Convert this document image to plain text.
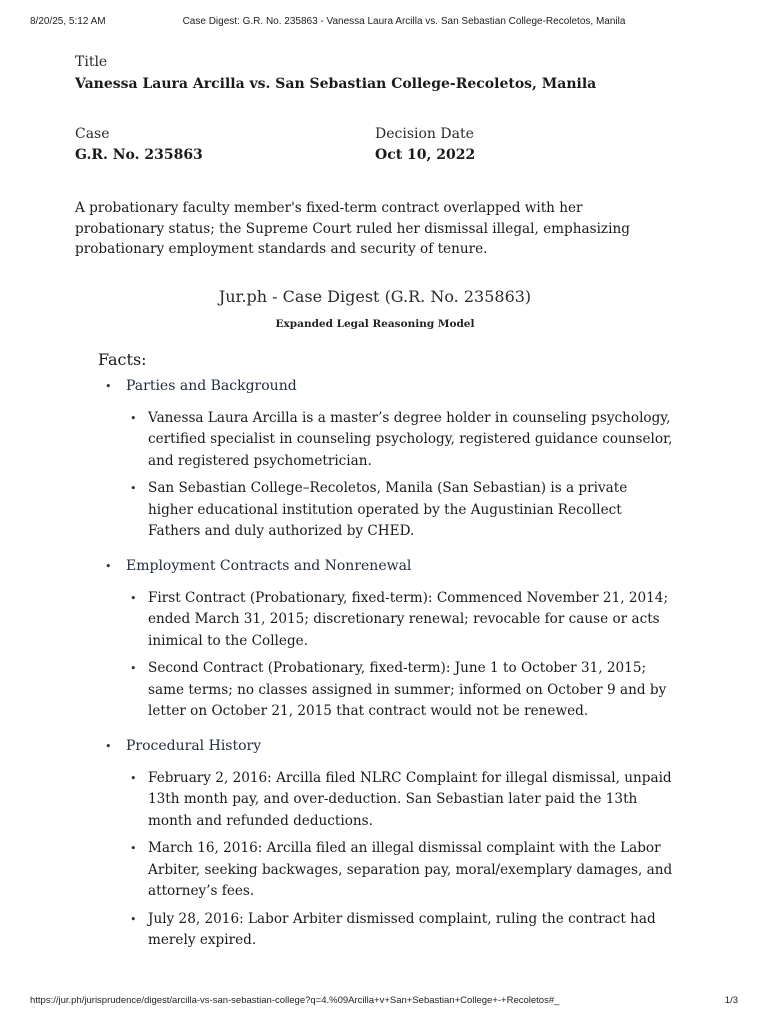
8/20/25, 5:12 AM	Case Digest: G.R. No. 235863 - Vanessa Laura Arcilla vs. San Sebastian College-Recoletos, Manila
Title
Vanessa Laura Arcilla vs. San Sebastian College-Recoletos, Manila
Case
G.R. No. 235863
Decision Date
Oct 10, 2022
A probationary faculty member's fixed-term contract overlapped with her probationary status; the Supreme Court ruled her dismissal illegal, emphasizing probationary employment standards and security of tenure.
Jur.ph - Case Digest (G.R. No. 235863)
Expanded Legal Reasoning Model
Facts:
• Parties and Background
• Vanessa Laura Arcilla is a master’s degree holder in counseling psychology, certified specialist in counseling psychology, registered guidance counselor, and registered psychometrician.
• San Sebastian College–Recoletos, Manila (San Sebastian) is a private higher educational institution operated by the Augustinian Recollect Fathers and duly authorized by CHED.
• Employment Contracts and Nonrenewal
• First Contract (Probationary, fixed-term): Commenced November 21, 2014; ended March 31, 2015; discretionary renewal; revocable for cause or acts inimical to the College.
• Second Contract (Probationary, fixed-term): June 1 to October 31, 2015; same terms; no classes assigned in summer; informed on October 9 and by letter on October 21, 2015 that contract would not be renewed.
• Procedural History
• February 2, 2016: Arcilla filed NLRC Complaint for illegal dismissal, unpaid 13th month pay, and over-deduction. San Sebastian later paid the 13th month and refunded deductions.
• March 16, 2016: Arcilla filed an illegal dismissal complaint with the Labor Arbiter, seeking backwages, separation pay, moral/exemplary damages, and attorney’s fees.
• July 28, 2016: Labor Arbiter dismissed complaint, ruling the contract had merely expired.
https://jur.ph/jurisprudence/digest/arcilla-vs-san-sebastian-college?q=4.%09Arcilla+v+San+Sebastian+College+-+Recoletos#_	1/3
